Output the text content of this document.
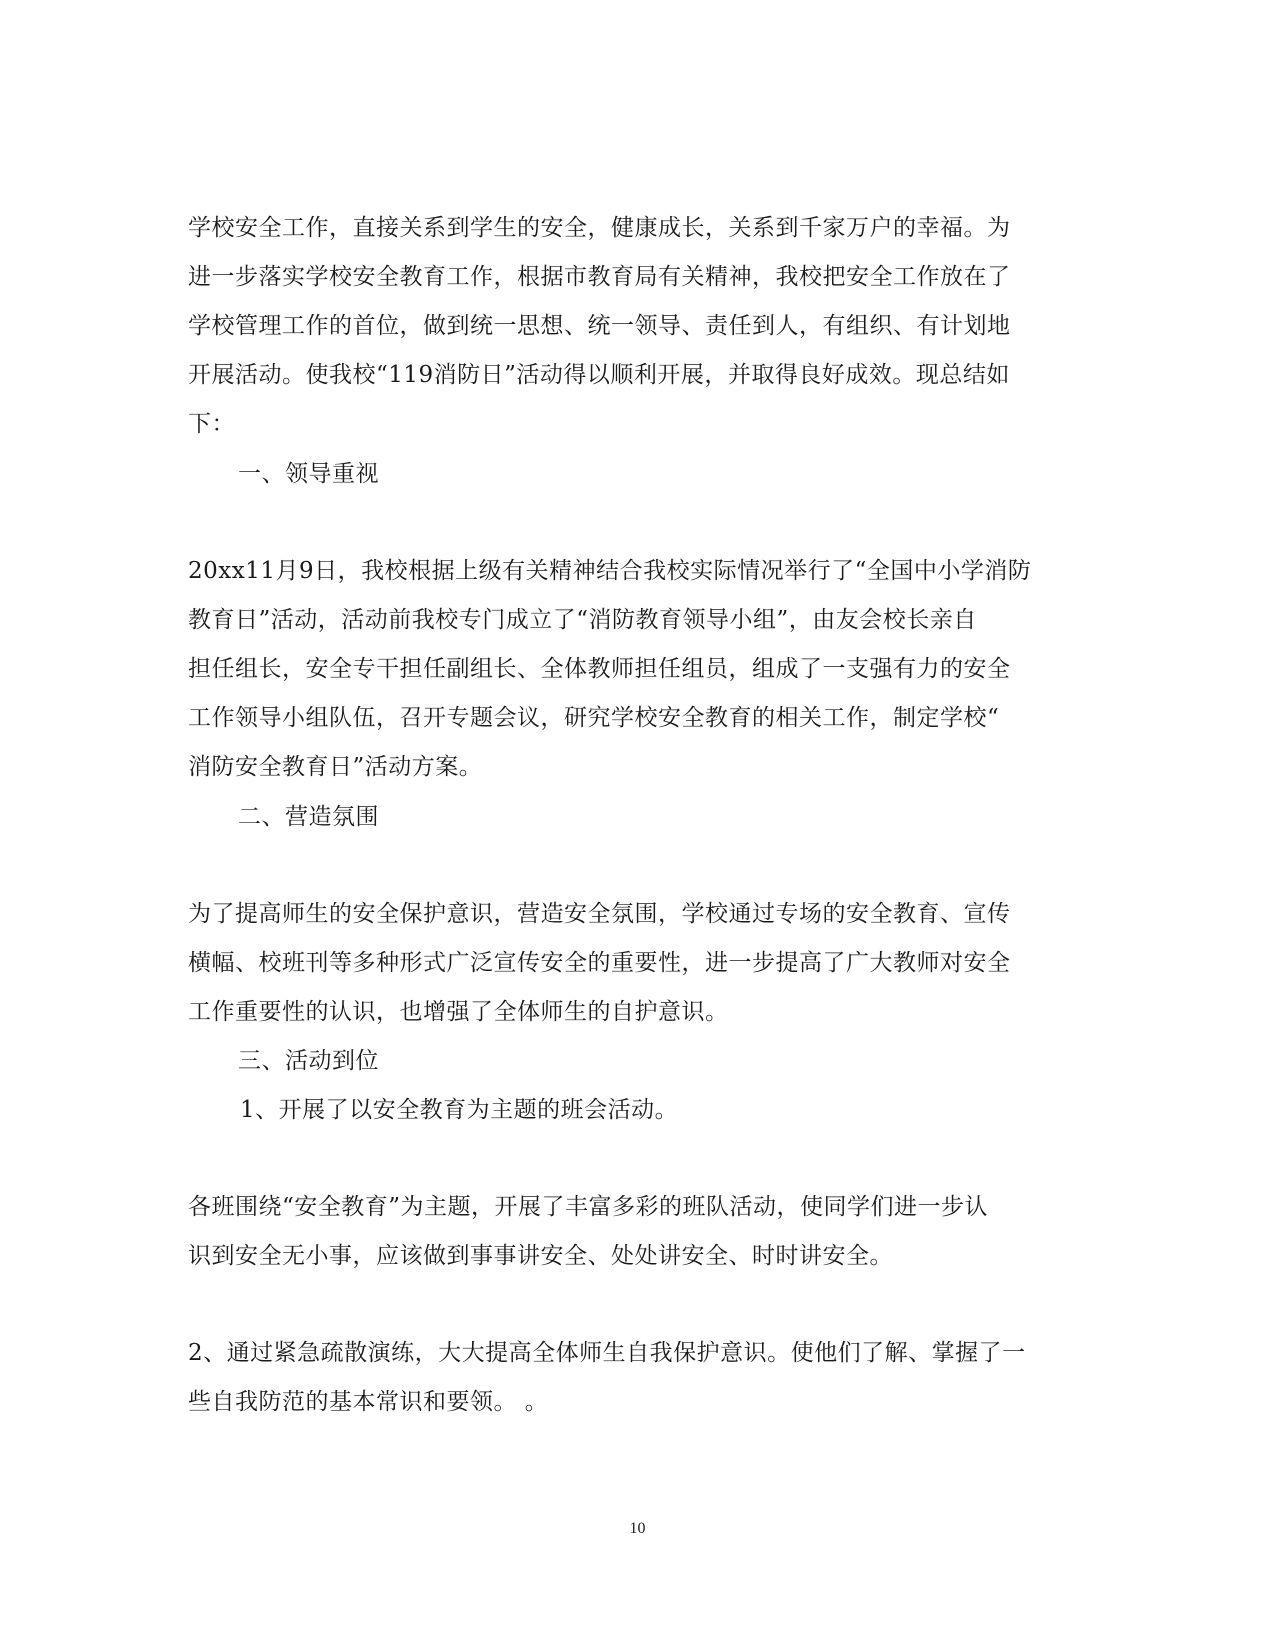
学校安全工作，直接关系到学生的安全，健康成长，关系到千家万户的幸福。为
进一步落实学校安全教育工作，根据市教育局有关精神，我校把安全工作放在了
学校管理工作的首位，做到统一思想、统一领导、责任到人，有组织、有计划地
开展活动。使我校“119消防日”活动得以顺利开展，并取得良好成效。现总结如
下：
一、领导重视
20xx11月9日，我校根据上级有关精神结合我校实际情况举行了“全国中小学消防
教育日”活动，活动前我校专门成立了“消防教育领导小组”，由友会校长亲自
担任组长，安全专干担任副组长、全体教师担任组员，组成了一支强有力的安全
工作领导小组队伍，召开专题会议，研究学校安全教育的相关工作，制定学校“
消防安全教育日”活动方案。
二、营造氛围
为了提高师生的安全保护意识，营造安全氛围，学校通过专场的安全教育、宣传
横幅、校班刊等多种形式广泛宣传安全的重要性，进一步提高了广大教师对安全
工作重要性的认识，也增强了全体师生的自护意识。
三、活动到位
1、开展了以安全教育为主题的班会活动。
各班围绕“安全教育”为主题，开展了丰富多彩的班队活动，使同学们进一步认
识到安全无小事，应该做到事事讲安全、处处讲安全、时时讲安全。
2、通过紧急疏散演练，大大提高全体师生自我保护意识。使他们了解、掌握了一
些自我防范的基本常识和要领。 。
10
